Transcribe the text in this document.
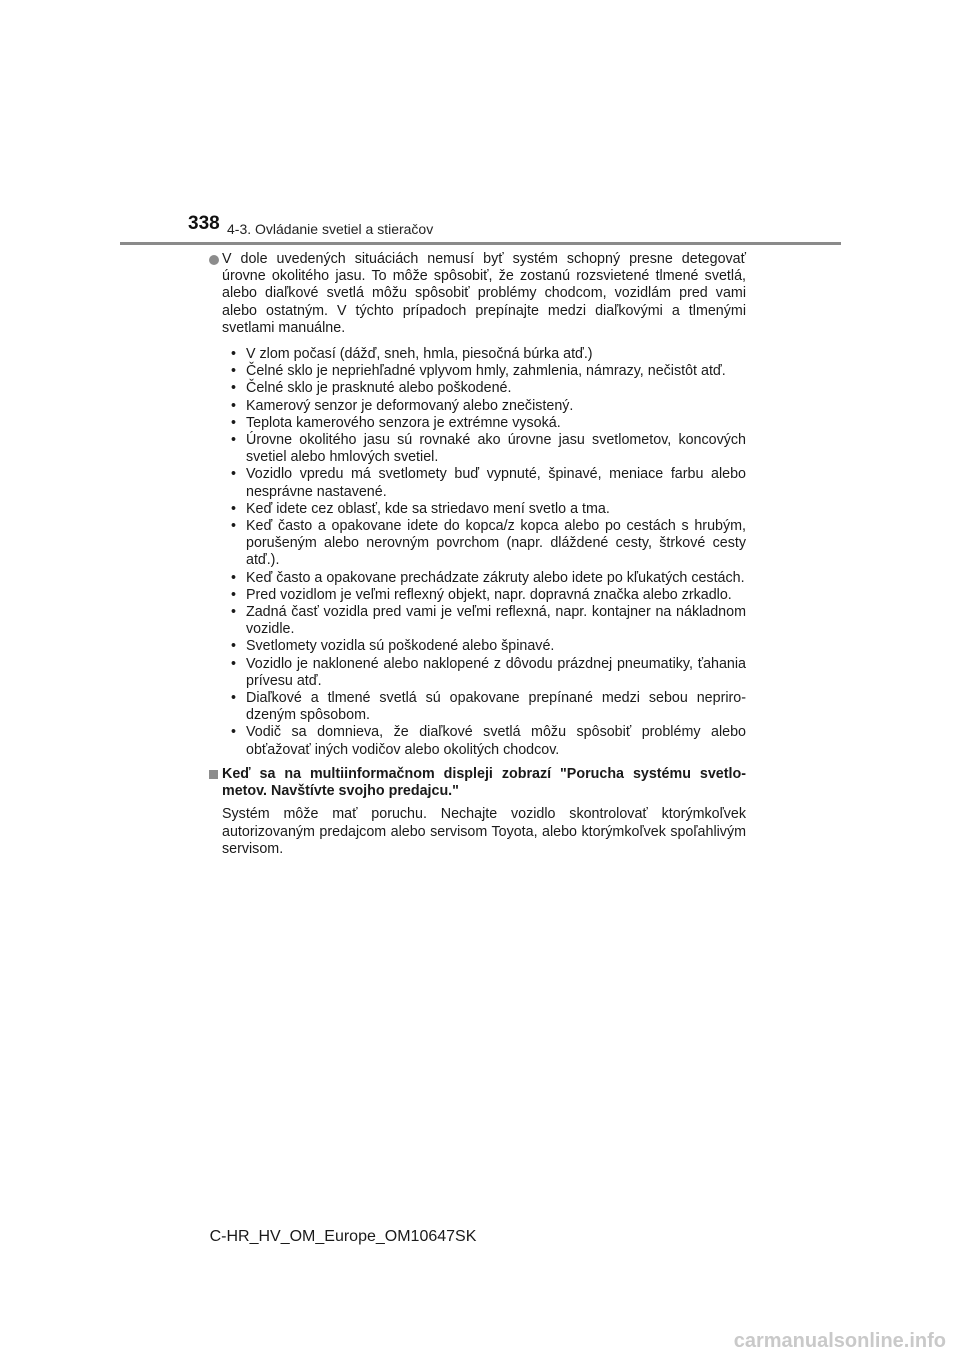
338 4-3. Ovládanie svetiel a stieračov

V dole uvedených situáciách nemusí byť systém schopný presne detegovať úrovne okolitého jasu. To môže spôsobiť, že zostanú rozsvietené tlmené svetlá, alebo diaľkové svetlá môžu spôsobiť problémy chodcom, vozidlám pred vami alebo ostatným. V týchto prípadoch prepínajte medzi diaľkovými a tlmenými svetlami manuálne.

• V zlom počasí (dážď, sneh, hmla, piesočná búrka atď.)
• Čelné sklo je nepriehľadné vplyvom hmly, zahmlenia, námrazy, nečistôt atď.
• Čelné sklo je prasknuté alebo poškodené.
• Kamerový senzor je deformovaný alebo znečistený.
• Teplota kamerového senzora je extrémne vysoká.
• Úrovne okolitého jasu sú rovnaké ako úrovne jasu svetlometov, koncových svetiel alebo hmlových svetiel.
• Vozidlo vpredu má svetlomety buď vypnuté, špinavé, meniace farbu alebo nesprávne nastavené.
• Keď idete cez oblasť, kde sa striedavo mení svetlo a tma.
• Keď často a opakovane idete do kopca/z kopca alebo po cestách s hrubým, porušeným alebo nerovným povrchom (napr. dláždené cesty, štrkové cesty atď.).
• Keď často a opakovane prechádzate zákruty alebo idete po kľukatých cestách.
• Pred vozidlom je veľmi reflexný objekt, napr. dopravná značka alebo zrkadlo.
• Zadná časť vozidla pred vami je veľmi reflexná, napr. kontajner na nákladnom vozidle.
• Svetlomety vozidla sú poškodené alebo špinavé.
• Vozidlo je naklonené alebo naklopené z dôvodu prázdnej pneumatiky, ťahania prívesu atď.
• Diaľkové a tlmené svetlá sú opakovane prepínané medzi sebou neprirodzeným spôsobom.
• Vodič sa domnieva, že diaľkové svetlá môžu spôsobiť problémy alebo obťažovať iných vodičov alebo okolitých chodcov.

Keď sa na multiinformačnom displeji zobrazí "Porucha systému svetlometov. Navštívte svojho predajcu."

Systém môže mať poruchu. Nechajte vozidlo skontrolovať ktorýmkoľvek autorizovaným predajcom alebo servisom Toyota, alebo ktorýmkoľvek spoľahlivým servisom.

C-HR_HV_OM_Europe_OM10647SK
carmanualsonline.info
